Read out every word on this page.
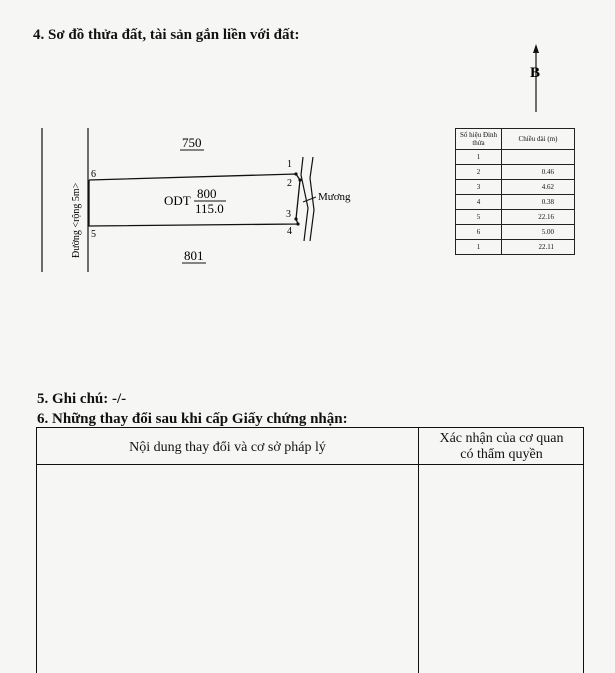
4. Sơ đồ thửa đất, tài sản gắn liền với đất:
B
Đường <rộng 5m>	Mương
750
801
ODT 800
115.0
1
2
3
4
5
6
Số hiệu Đỉnh thửa	Chiều dài (m)
1	
2	0.46
3	4.62
4	0.38
5	22.16
6	5.00
1	22.11
5. Ghi chú: -/-
6. Những thay đổi sau khi cấp Giấy chứng nhận:
Nội dung thay đổi và cơ sở pháp lý
Xác nhận của cơ quan
có thẩm quyền
